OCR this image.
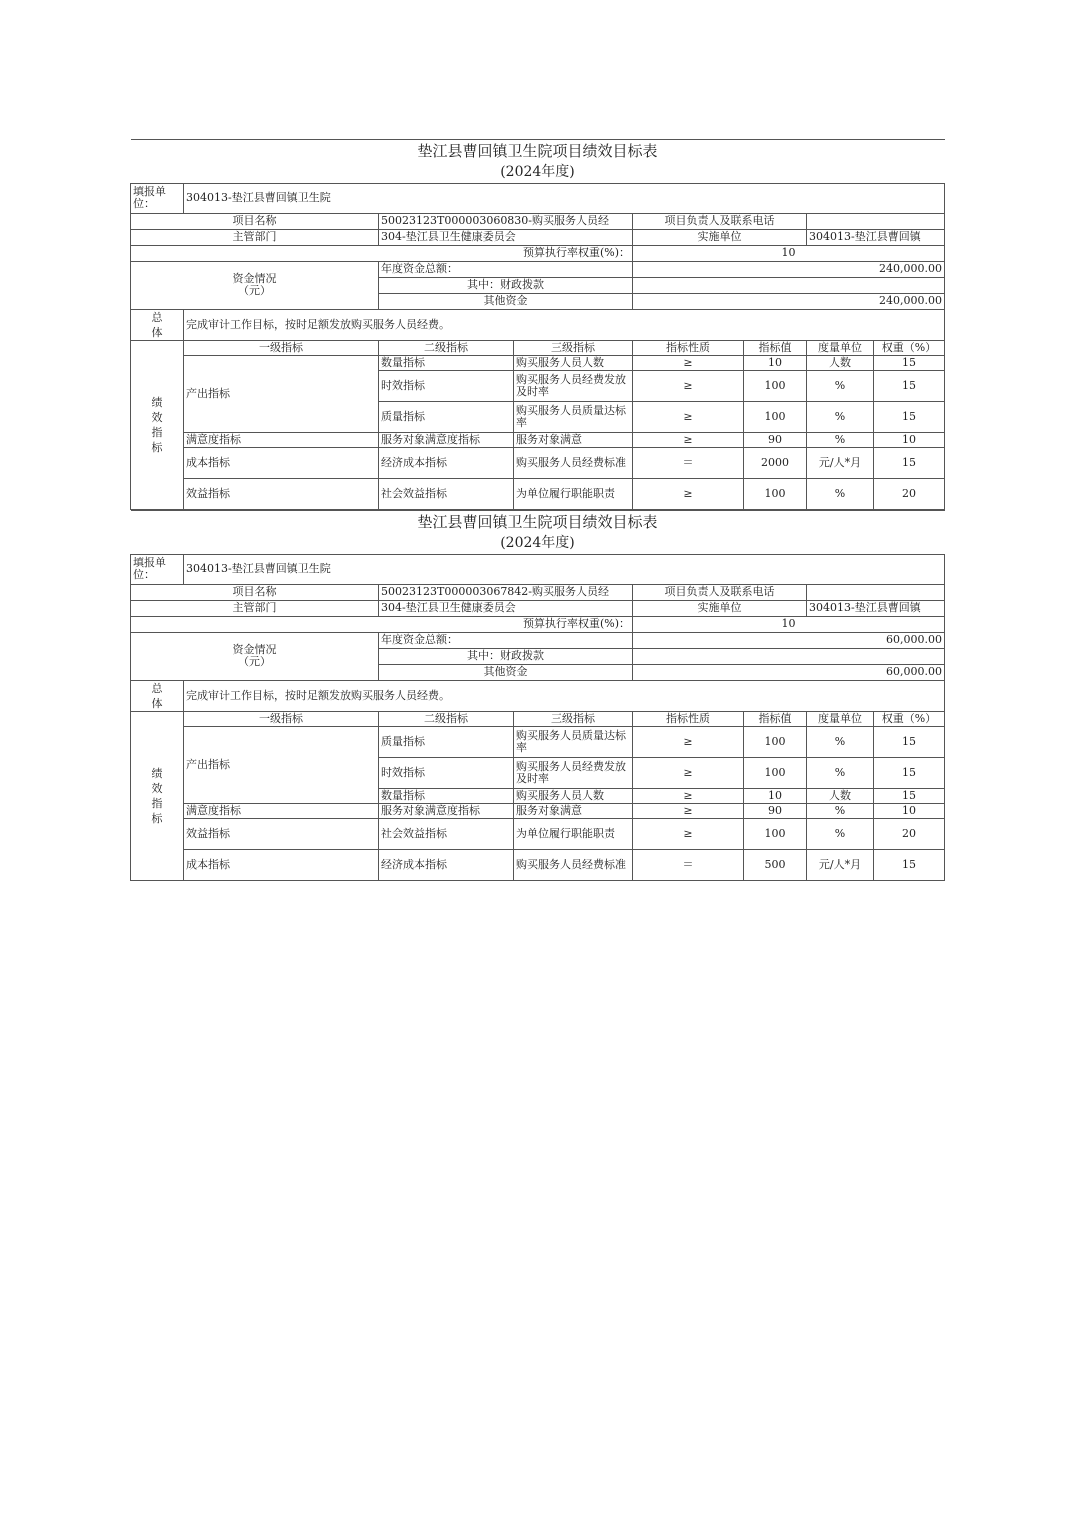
垫江县曹回镇卫生院项目绩效目标表							
(2024年度)							
填报单位：	304013-垫江县曹回镇卫生院						
项目名称		50023123T000003060830-购买服务人员经		项目负责人及联系电话			
主管部门		304-垫江县卫生健康委员会		实施单位		304013-垫江县曹回镇	
预算执行率权重(%)：				10			
资金情况
（元）		年度资金总额：		240,000.00			
		其中：财政拨款					
		其他资金		240,000.00			
总
体	完成审计工作目标，按时足额发放购买服务人员经费。						
绩
效
指
标	一级指标	二级指标	三级指标	指标性质	指标值	度量单位	权重（%）
	产出指标	数量指标	购买服务人员人数	≥	10	人数	15
		时效指标	购买服务人员经费发放及时率	≥	100	%	15
		质量指标	购买服务人员质量达标率	≥	100	%	15
	满意度指标	服务对象满意度指标	服务对象满意	≥	90	%	10
	成本指标	经济成本指标	购买服务人员经费标准	＝	2000	元/人*月	15
	效益指标	社会效益指标	为单位履行职能职责	≥	100	%	20
垫江县曹回镇卫生院项目绩效目标表							
(2024年度)							
填报单位：	304013-垫江县曹回镇卫生院						
项目名称		50023123T000003067842-购买服务人员经		项目负责人及联系电话			
主管部门		304-垫江县卫生健康委员会		实施单位		304013-垫江县曹回镇	
预算执行率权重(%)：				10			
资金情况
（元）		年度资金总额：		60,000.00			
		其中：财政拨款					
		其他资金		60,000.00			
总
体	完成审计工作目标，按时足额发放购买服务人员经费。						
绩
效
指
标	一级指标	二级指标	三级指标	指标性质	指标值	度量单位	权重（%）
	产出指标	质量指标	购买服务人员质量达标率	≥	100	%	15
		时效指标	购买服务人员经费发放及时率	≥	100	%	15
		数量指标	购买服务人员人数	≥	10	人数	15
	满意度指标	服务对象满意度指标	服务对象满意	≥	90	%	10
	效益指标	社会效益指标	为单位履行职能职责	≥	100	%	20
	成本指标	经济成本指标	购买服务人员经费标准	＝	500	元/人*月	15
